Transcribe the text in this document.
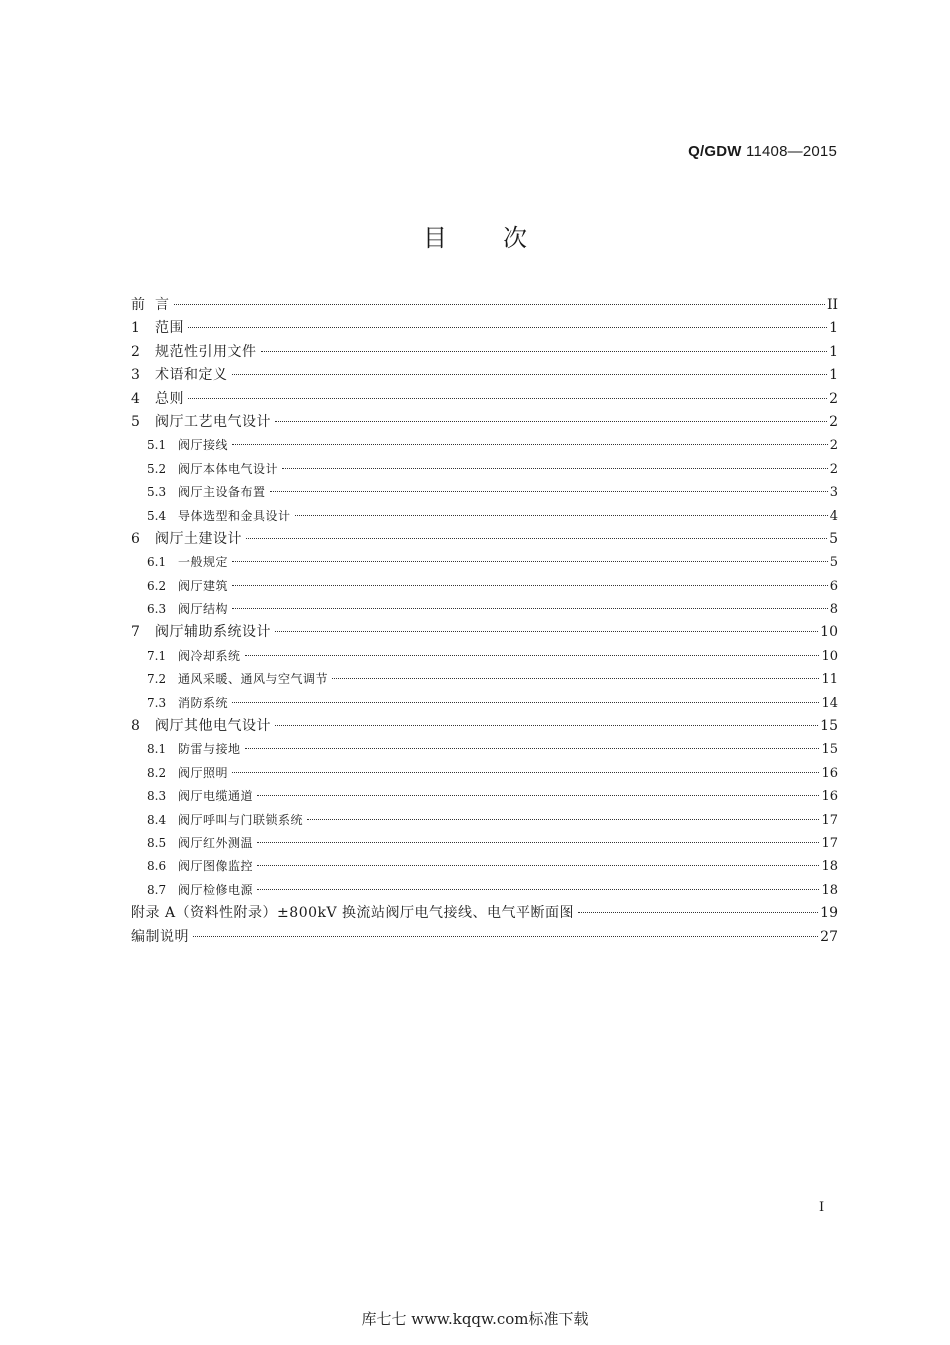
Q/GDW 11408—2015
目 次
前 言	II
1	范围	1
2	规范性引用文件	1
3	术语和定义	1
4	总则	2
5	阀厅工艺电气设计	2
5.1 阀厅接线	2
5.2 阀厅本体电气设计	2
5.3 阀厅主设备布置	3
5.4 导体选型和金具设计	4
6	阀厅土建设计	5
6.1 一般规定	5
6.2 阀厅建筑	6
6.3 阀厅结构	8
7	阀厅辅助系统设计	10
7.1 阀冷却系统	10
7.2 通风采暖、通风与空气调节	11
7.3 消防系统	14
8	阀厅其他电气设计	15
8.1 防雷与接地	15
8.2 阀厅照明	16
8.3 阀厅电缆通道	16
8.4 阀厅呼叫与门联锁系统	17
8.5 阀厅红外测温	17
8.6 阀厅图像监控	18
8.7 阀厅检修电源	18
附录 A（资料性附录）±800kV 换流站阀厅电气接线、电气平断面图	19
编制说明	27
I
库七七 www.kqqw.com标准下载
